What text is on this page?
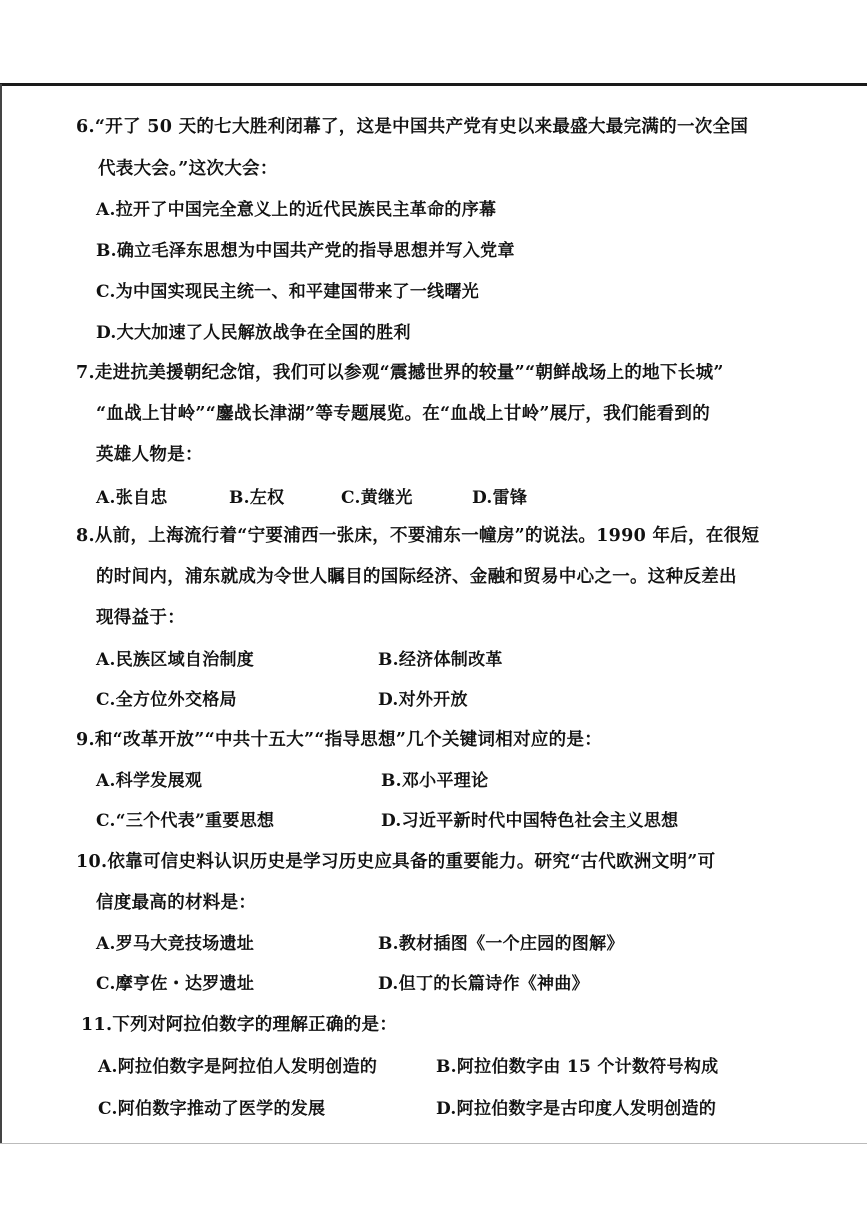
6.“开了 50 天的七大胜利闭幕了，这是中国共产党有史以来最盛大最完满的一次全国
代表大会。”这次大会：
A.拉开了中国完全意义上的近代民族民主革命的序幕
B.确立毛泽东思想为中国共产党的指导思想并写入党章
C.为中国实现民主统一、和平建国带来了一线曙光
D.大大加速了人民解放战争在全国的胜利
7.走进抗美援朝纪念馆，我们可以参观“震撼世界的较量”“朝鲜战场上的地下长城”
“血战上甘岭”“鏖战长津湖”等专题展览。在“血战上甘岭”展厅，我们能看到的
英雄人物是：
A.张自忠	B.左权	C.黄继光	D.雷锋
8.从前，上海流行着“宁要浦西一张床，不要浦东一幢房”的说法。1990 年后，在很短
的时间内，浦东就成为令世人瞩目的国际经济、金融和贸易中心之一。这种反差出
现得益于：
A.民族区域自治制度	B.经济体制改革
C.全方位外交格局	D.对外开放
9.和“改革开放”“中共十五大”“指导思想”几个关键词相对应的是：
A.科学发展观	B.邓小平理论
C.“三个代表”重要思想	D.习近平新时代中国特色社会主义思想
10.依靠可信史料认识历史是学习历史应具备的重要能力。研究“古代欧洲文明”可
信度最高的材料是：
A.罗马大竞技场遗址	B.教材插图《一个庄园的图解》
C.摩亨佐・达罗遗址	D.但丁的长篇诗作《神曲》
11.下列对阿拉伯数字的理解正确的是：
A.阿拉伯数字是阿拉伯人发明创造的	B.阿拉伯数字由 15 个计数符号构成
C.阿伯数字推动了医学的发展	D.阿拉伯数字是古印度人发明创造的
